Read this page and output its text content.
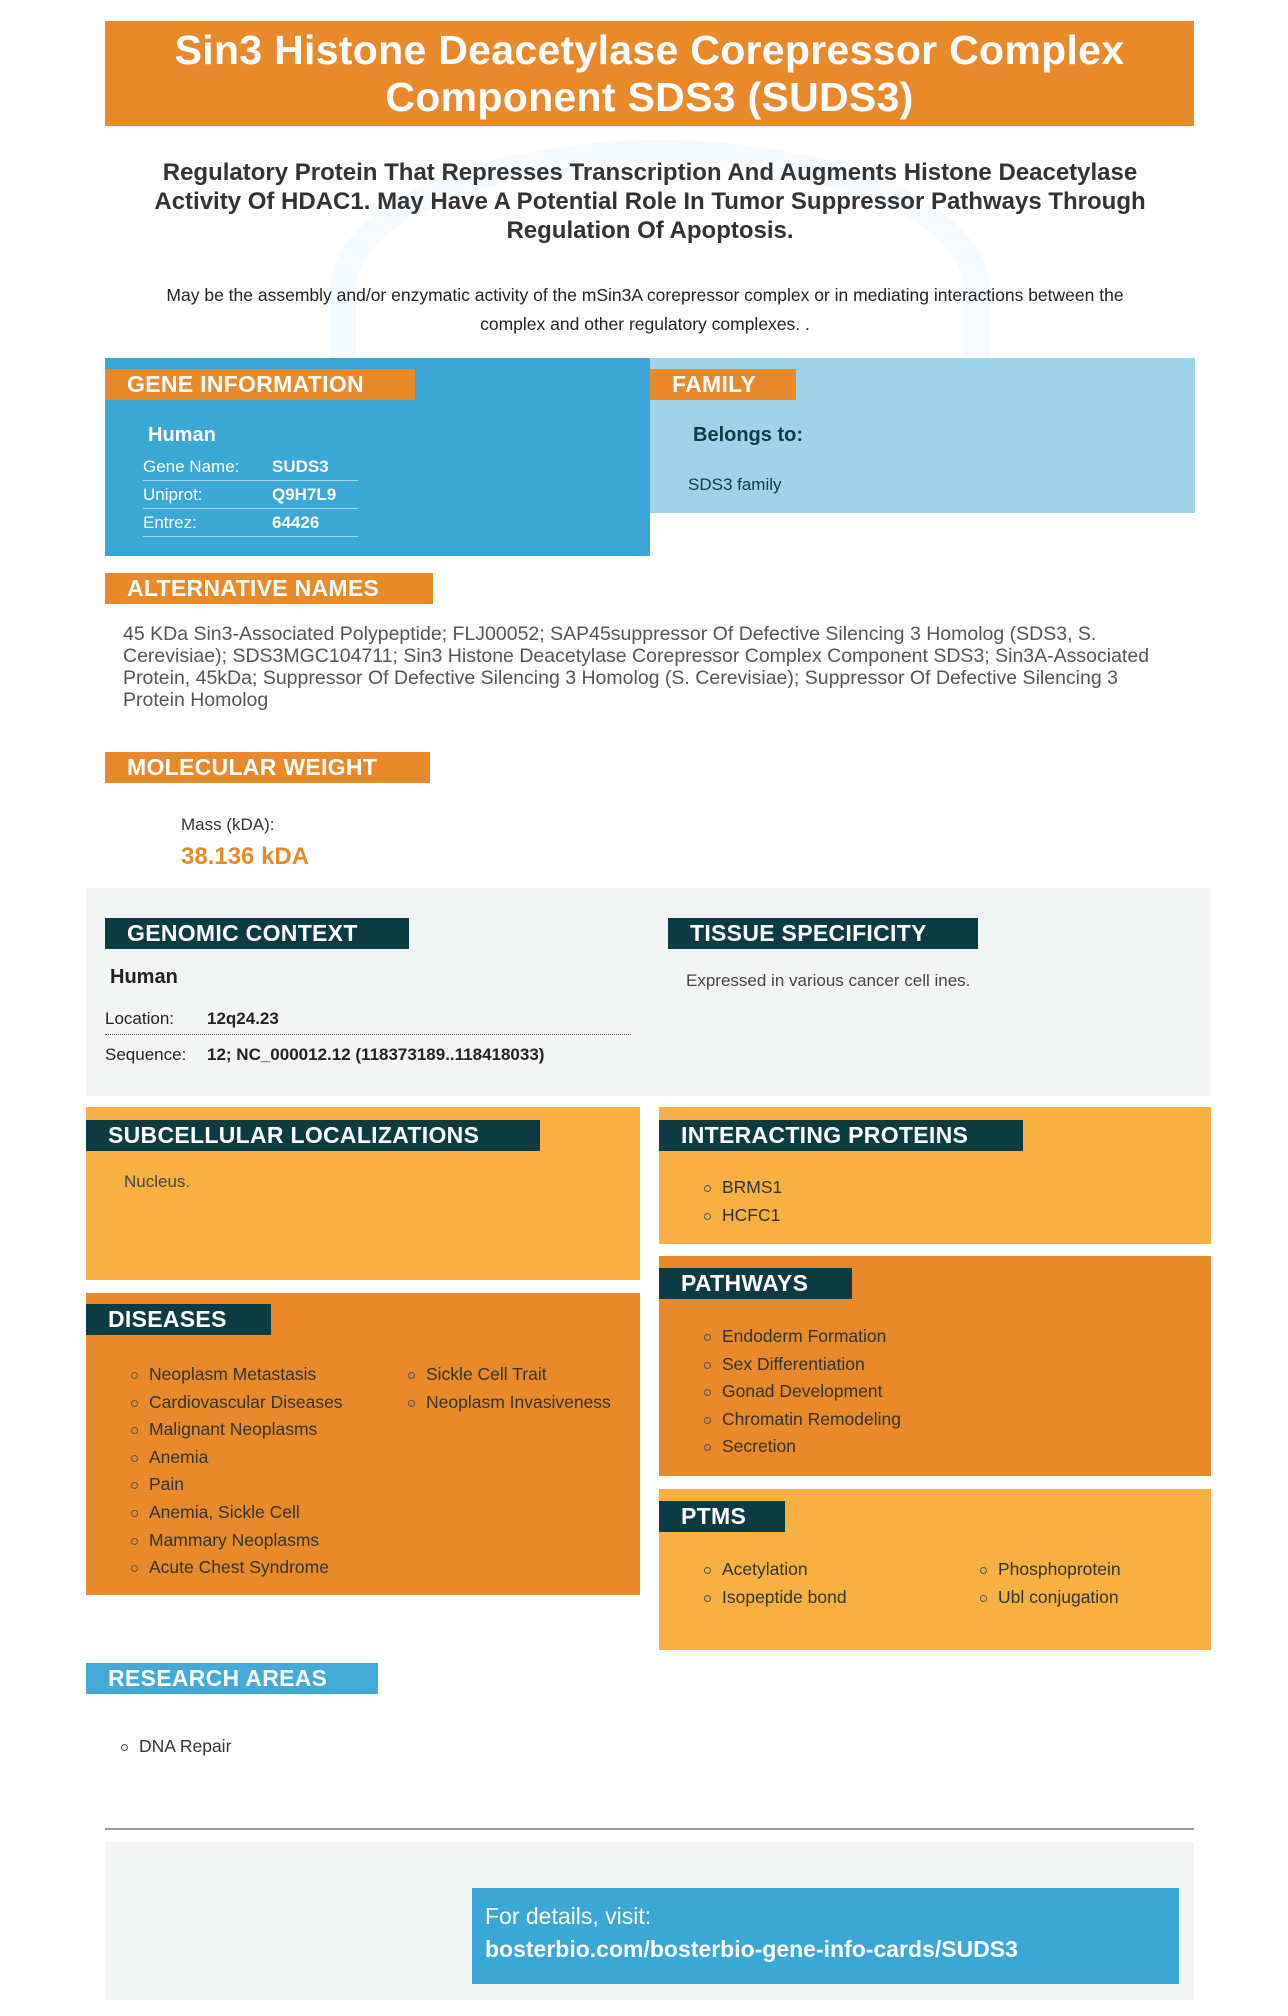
Sin3 Histone Deacetylase Corepressor Complex Component SDS3 (SUDS3)
Regulatory Protein That Represses Transcription And Augments Histone Deacetylase Activity Of HDAC1. May Have A Potential Role In Tumor Suppressor Pathways Through Regulation Of Apoptosis.
May be the assembly and/or enzymatic activity of the mSin3A corepressor complex or in mediating interactions between the complex and other regulatory complexes. .
GENE INFORMATION
Human
Gene Name: SUDS3
Uniprot:	Q9H7L9
Entrez:	64426
FAMILY
Belongs to:
SDS3 family
ALTERNATIVE NAMES
45 KDa Sin3-Associated Polypeptide; FLJ00052; SAP45suppressor Of Defective Silencing 3 Homolog (SDS3, S. Cerevisiae); SDS3MGC104711; Sin3 Histone Deacetylase Corepressor Complex Component SDS3; Sin3A-Associated Protein, 45kDa; Suppressor Of Defective Silencing 3 Homolog (S. Cerevisiae); Suppressor Of Defective Silencing 3 Protein Homolog
MOLECULAR WEIGHT
Mass (kDA):
38.136 kDA
GENOMIC CONTEXT
Human
Location: 12q24.23
Sequence: 12; NC_000012.12 (118373189..118418033)
TISSUE SPECIFICITY
Expressed in various cancer cell ines.
SUBCELLULAR LOCALIZATIONS
Nucleus.
INTERACTING PROTEINS
BRMS1
HCFC1
DISEASES
Neoplasm Metastasis
Cardiovascular Diseases
Malignant Neoplasms
Anemia
Pain
Anemia, Sickle Cell
Mammary Neoplasms
Acute Chest Syndrome
Sickle Cell Trait
Neoplasm Invasiveness
PATHWAYS
Endoderm Formation
Sex Differentiation
Gonad Development
Chromatin Remodeling
Secretion
PTMS
Acetylation
Isopeptide bond
Phosphoprotein
Ubl conjugation
RESEARCH AREAS
DNA Repair
For details, visit:
bosterbio.com/bosterbio-gene-info-cards/SUDS3
